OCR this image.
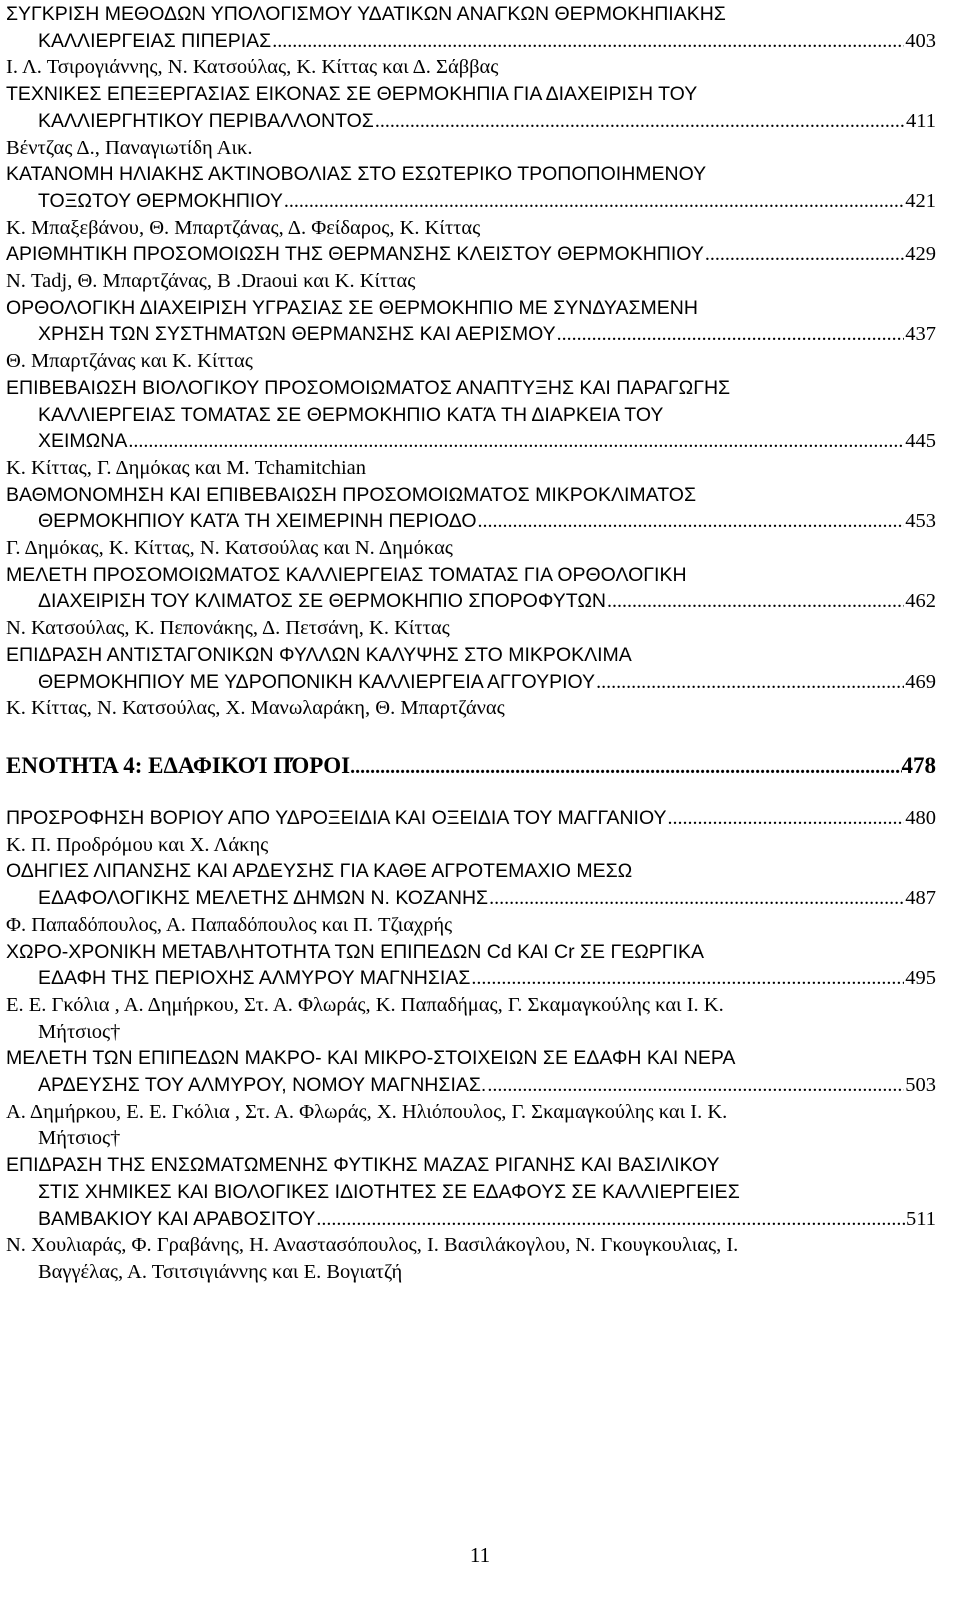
ΣΥΓΚΡΙΣΗ ΜΕΘΟΔΩΝ ΥΠΟΛΟΓΙΣΜΟΥ ΥΔΑΤΙΚΩΝ ΑΝΑΓΚΩΝ ΘΕΡΜΟΚΗΠΙΑΚΗΣ
ΚΑΛΛΙΕΡΓΕΙΑΣ ΠΙΠΕΡΙΑΣ .....	403
Ι. Λ. Τσιρογιάννης, Ν. Κατσούλας, Κ. Κίττας και Δ. Σάββας
ΤΕΧΝΙΚΕΣ ΕΠΕΞΕΡΓΑΣΙΑΣ ΕΙΚΟΝΑΣ ΣΕ ΘΕΡΜΟΚΗΠΙΑ ΓΙΑ ΔΙΑΧΕΙΡΙΣΗ ΤΟΥ
ΚΑΛΛΙΕΡΓΗΤΙΚΟΥ ΠΕΡΙΒΑΛΛΟΝΤΟΣ .....	411
Βέντζας Δ., Παναγιωτίδη Αικ.
ΚΑΤΑΝΟΜΗ ΗΛΙΑΚΗΣ ΑΚΤΙΝΟΒΟΛΙΑΣ ΣΤΟ ΕΣΩΤΕΡΙΚΟ ΤΡΟΠΟΠΟΙΗΜΕΝΟΥ
ΤΟΞΩΤΟΥ ΘΕΡΜΟΚΗΠΙΟΥ .....	421
Κ. Μπαξεβάνου, Θ. Μπαρτζάνας, Δ. Φείδαρος, Κ. Κίττας
ΑΡΙΘΜΗΤΙΚΗ ΠΡΟΣΟΜΟΙΩΣΗ ΤΗΣ ΘΕΡΜΑΝΣΗΣ ΚΛΕΙΣΤΟΥ ΘΕΡΜΟΚΗΠΙΟΥ .....	429
Ν. Tadj, Θ. Μπαρτζάνας, Β .Draoui και Κ. Κίττας
ΟΡΘΟΛΟΓΙΚΗ ΔΙΑΧΕΙΡΙΣΗ ΥΓΡΑΣΙΑΣ ΣΕ ΘΕΡΜΟΚΗΠΙΟ ΜΕ ΣΥΝΔΥΑΣΜΕΝΗ
ΧΡΗΣΗ ΤΩΝ ΣΥΣΤΗΜΑΤΩΝ ΘΕΡΜΑΝΣΗΣ ΚΑΙ ΑΕΡΙΣΜΟΥ .....	437
Θ. Μπαρτζάνας και Κ. Κίττας
ΕΠΙΒΕΒΑΙΩΣΗ ΒΙΟΛΟΓΙΚΟΥ ΠΡΟΣΟΜΟΙΩΜΑΤΟΣ ΑΝΑΠΤΥΞΗΣ ΚΑΙ ΠΑΡΑΓΩΓΗΣ
ΚΑΛΛΙΕΡΓΕΙΑΣ ΤΟΜΑΤΑΣ ΣΕ ΘΕΡΜΟΚΗΠΙΟ ΚΑΤΆ ΤΗ ΔΙΑΡΚΕΙΑ ΤΟΥ
ΧΕΙΜΩΝΑ .....	445
Κ. Κίττας, Γ. Δημόκας και Μ. Tchamitchian
ΒΑΘΜΟΝΟΜΗΣΗ ΚΑΙ ΕΠΙΒΕΒΑΙΩΣΗ ΠΡΟΣΟΜΟΙΩΜΑΤΟΣ ΜΙΚΡΟΚΛΙΜΑΤΟΣ
ΘΕΡΜΟΚΗΠΙΟΥ ΚΑΤΆ ΤΗ ΧΕΙΜΕΡΙΝΗ ΠΕΡΙΟΔΟ .....	453
Γ. Δημόκας, Κ. Κίττας, Ν. Κατσούλας και Ν. Δημόκας
ΜΕΛΕΤΗ ΠΡΟΣΟΜΟΙΩΜΑΤΟΣ ΚΑΛΛΙΕΡΓΕΙΑΣ ΤΟΜΑΤΑΣ ΓΙΑ ΟΡΘΟΛΟΓΙΚΗ
ΔΙΑΧΕΙΡΙΣΗ ΤΟΥ ΚΛΙΜΑΤΟΣ ΣΕ ΘΕΡΜΟΚΗΠΙΟ ΣΠΟΡΟΦΥΤΩΝ .....	462
Ν. Κατσούλας, Κ. Πεπονάκης, Δ. Πετσάνη, Κ. Κίττας
ΕΠΙΔΡΑΣΗ ΑΝΤΙΣΤΑΓΟΝΙΚΩΝ ΦΥΛΛΩΝ ΚΑΛΥΨΗΣ ΣΤΟ ΜΙΚΡΟΚΛΙΜΑ
ΘΕΡΜΟΚΗΠΙΟΥ ΜΕ ΥΔΡΟΠΟΝΙΚΗ ΚΑΛΛΙΕΡΓΕΙΑ ΑΓΓΟΥΡΙΟΥ .....	469
Κ. Κίττας, Ν. Κατσούλας, Χ. Μανωλαράκη, Θ. Μπαρτζάνας
ΕΝΟΤΗΤΑ 4: ΕΔΑΦΙΚΟΊ ΠΌΡΟΙ .....	478
ΠΡΟΣΡΟΦΗΣΗ ΒΟΡΙΟΥ ΑΠΟ ΥΔΡΟΞΕΙΔΙΑ ΚΑΙ ΟΞΕΙΔΙΑ ΤΟΥ ΜΑΓΓΑΝΙΟΥ .....	480
Κ. Π. Προδρόμου και Χ. Λάκης
ΟΔΗΓΙΕΣ ΛΙΠΑΝΣΗΣ ΚΑΙ ΑΡΔΕΥΣΗΣ ΓΙΑ ΚΑΘΕ ΑΓΡΟΤΕΜΑΧΙΟ ΜΕΣΩ
ΕΔΑΦΟΛΟΓΙΚΗΣ ΜΕΛΕΤΗΣ ΔΗΜΩΝ Ν. ΚΟΖΑΝΗΣ .....	487
Φ. Παπαδόπουλος, Α. Παπαδόπουλος και Π. Τζιαχρής
ΧΩΡΟ-ΧΡΟΝΙΚΗ ΜΕΤΑΒΛΗΤΟΤΗΤΑ ΤΩΝ ΕΠΙΠΕΔΩΝ Cd ΚΑΙ Cr ΣΕ ΓΕΩΡΓΙΚΑ
ΕΔΑΦΗ ΤΗΣ ΠΕΡΙΟΧΗΣ ΑΛΜΥΡΟΥ ΜΑΓΝΗΣΙΑΣ .....	495
Ε. Ε. Γκόλια , Α. Δημήρκου, Στ. Α. Φλωράς, Κ. Παπαδήμας, Γ. Σκαμαγκούλης και Ι. Κ.
Μήτσιος†
ΜΕΛΕΤΗ ΤΩΝ ΕΠΙΠΕΔΩΝ ΜΑΚΡΟ- ΚΑΙ ΜΙΚΡΟ-ΣΤΟΙΧΕΙΩΝ ΣΕ ΕΔΑΦΗ ΚΑΙ ΝΕΡΑ
ΑΡΔΕΥΣΗΣ ΤΟΥ ΑΛΜΥΡΟΥ, ΝΟΜΟΥ ΜΑΓΝΗΣΙΑΣ. .....	503
Α. Δημήρκου, Ε. Ε. Γκόλια , Στ. Α. Φλωράς, Χ. Ηλιόπουλος, Γ. Σκαμαγκούλης και Ι. Κ.
Μήτσιος†
ΕΠΙΔΡΑΣΗ ΤΗΣ ΕΝΣΩΜΑΤΩΜΕΝΗΣ ΦΥΤΙΚΗΣ ΜΑΖΑΣ ΡΙΓΑΝΗΣ ΚΑΙ ΒΑΣΙΛΙΚΟΥ
ΣΤΙΣ ΧΗΜΙΚΕΣ ΚΑΙ ΒΙΟΛΟΓΙΚΕΣ ΙΔΙΟΤΗΤΕΣ ΣΕ ΕΔΑΦΟΥΣ ΣΕ ΚΑΛΛΙΕΡΓΕΙΕΣ
ΒΑΜΒΑΚΙΟΥ ΚΑΙ ΑΡΑΒΟΣΙΤΟΥ .....	511
Ν. Χουλιαράς, Φ. Γραβάνης, Η. Αναστασόπουλος, Ι. Βασιλάκογλου, Ν. Γκουγκουλιας, Ι.
Βαγγέλας, Α. Τσιτσιγιάννης και Ε. Βογιατζή
11
